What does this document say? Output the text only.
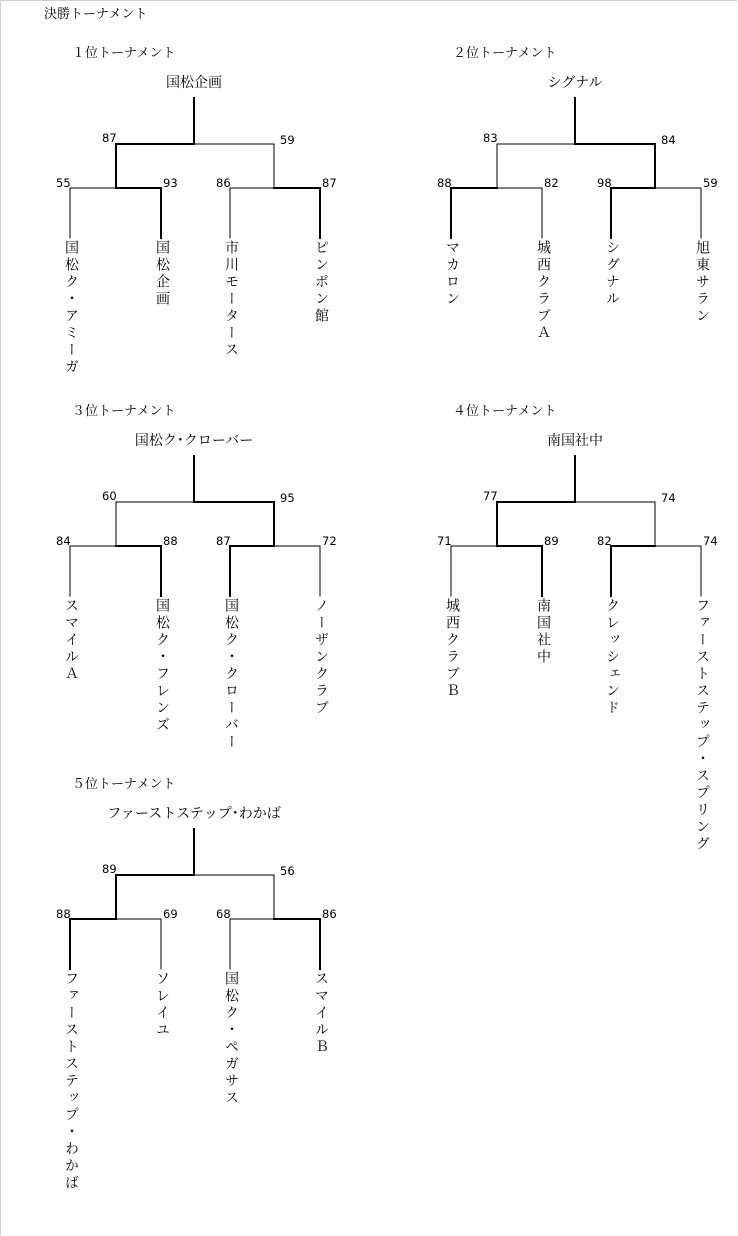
決勝トーナメント
１位トーナメント
国松企画
87	59
55	93	86	87
国松ク・アミーガ	国松企画	市川モータース	ピンポン館
２位トーナメント
シグナル
83	84
88	82	98	59
マカロン	城西クラブＡ	シグナル	旭東サラン
３位トーナメント
国松ク･クローバー
60	95
84	88	87	72
スマイルＡ	国松ク・フレンズ	国松ク・クローバー	ノーザンクラブ
４位トーナメント
南国社中
77	74
71	89	82	74
城西クラブＢ	南国社中	クレッシェンド	ファーストステップ・スプリング
５位トーナメント
ファーストステップ･わかば
89	56
88	69	68	86
ファーストステップ・わかば	ソレイユ	国松ク・ペガサス	スマイルＢ
